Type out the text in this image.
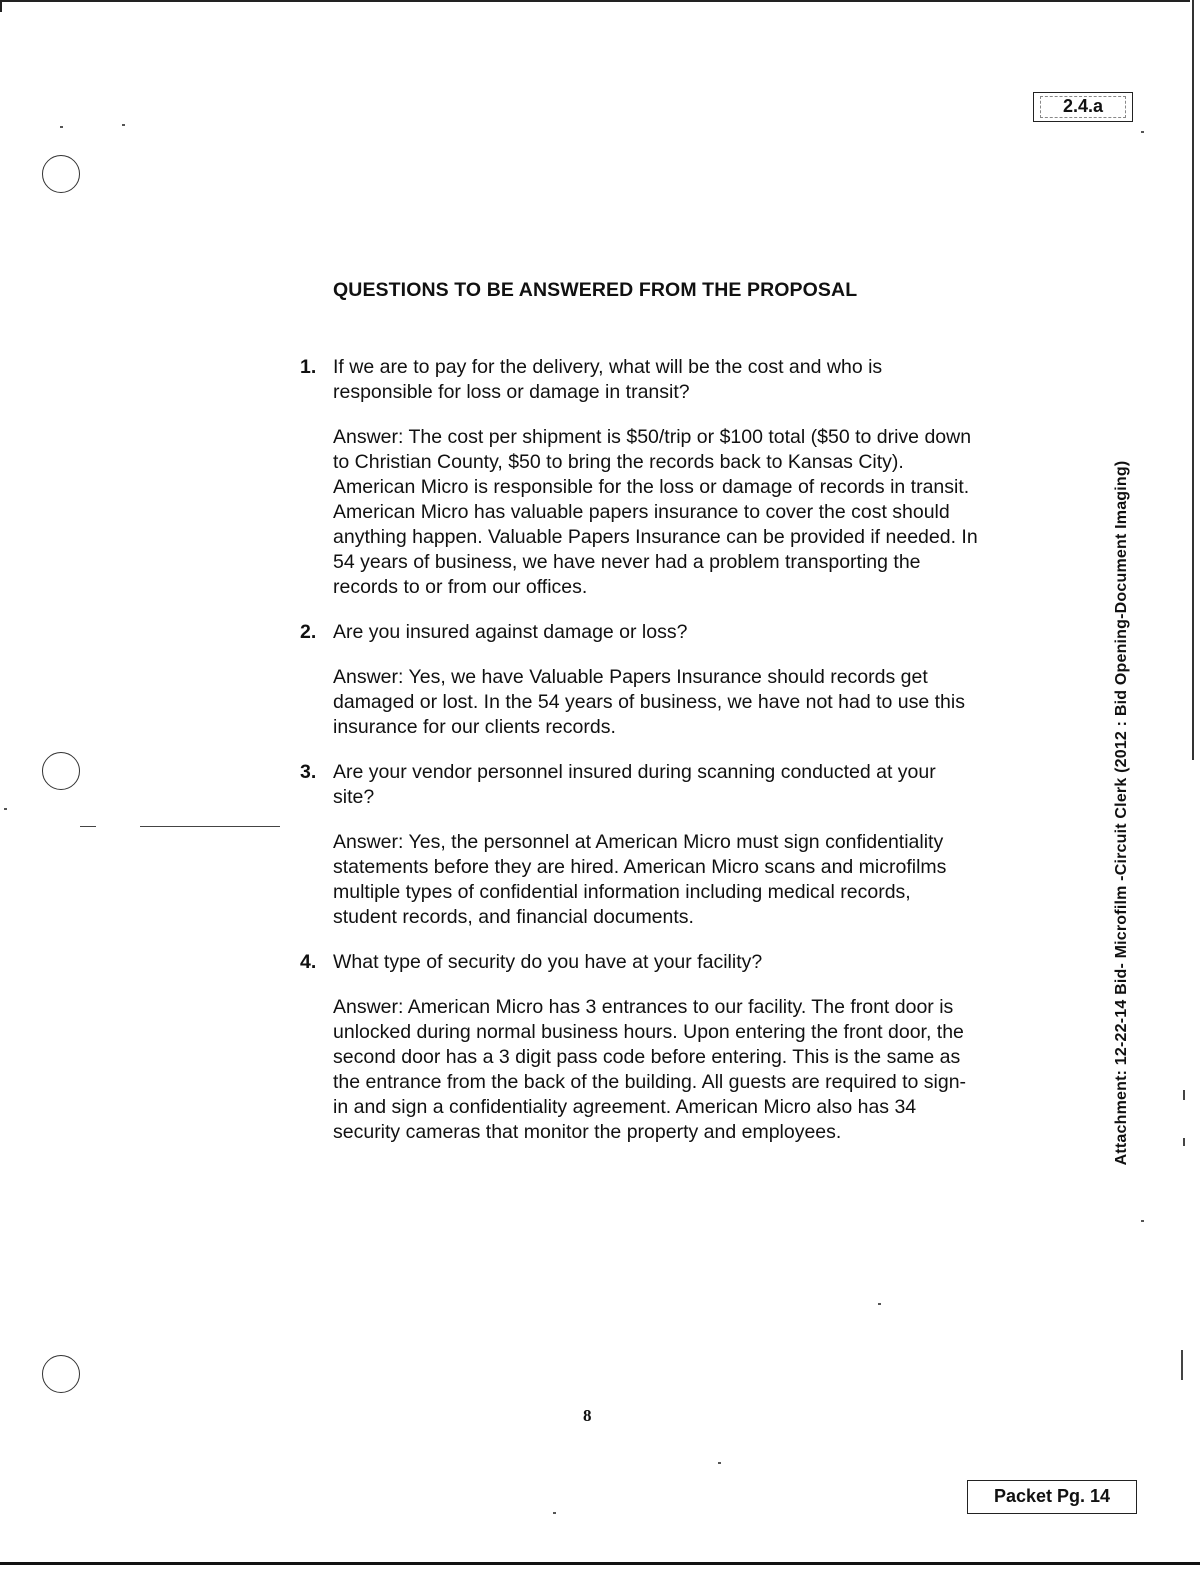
2.4.a
Attachment: 12-22-14 Bid- Microfilm -Circuit Clerk (2012 : Bid Opening-Document Imaging)
QUESTIONS TO BE ANSWERED FROM THE PROPOSAL
1. If we are to pay for the delivery, what will be the cost and who is responsible for loss or damage in transit?

Answer: The cost per shipment is $50/trip or $100 total ($50 to drive down to Christian County, $50 to bring the records back to Kansas City). American Micro is responsible for the loss or damage of records in transit. American Micro has valuable papers insurance to cover the cost should anything happen. Valuable Papers Insurance can be provided if needed. In 54 years of business, we have never had a problem transporting the records to or from our offices.

2. Are you insured against damage or loss?

Answer: Yes, we have Valuable Papers Insurance should records get damaged or lost. In the 54 years of business, we have not had to use this insurance for our clients records.

3. Are your vendor personnel insured during scanning conducted at your site?

Answer: Yes, the personnel at American Micro must sign confidentiality statements before they are hired. American Micro scans and microfilms multiple types of confidential information including medical records, student records, and financial documents.

4. What type of security do you have at your facility?

Answer: American Micro has 3 entrances to our facility. The front door is unlocked during normal business hours. Upon entering the front door, the second door has a 3 digit pass code before entering. This is the same as the entrance from the back of the building. All guests are required to sign-in and sign a confidentiality agreement. American Micro also has 34 security cameras that monitor the property and employees.

8
Packet Pg. 14
